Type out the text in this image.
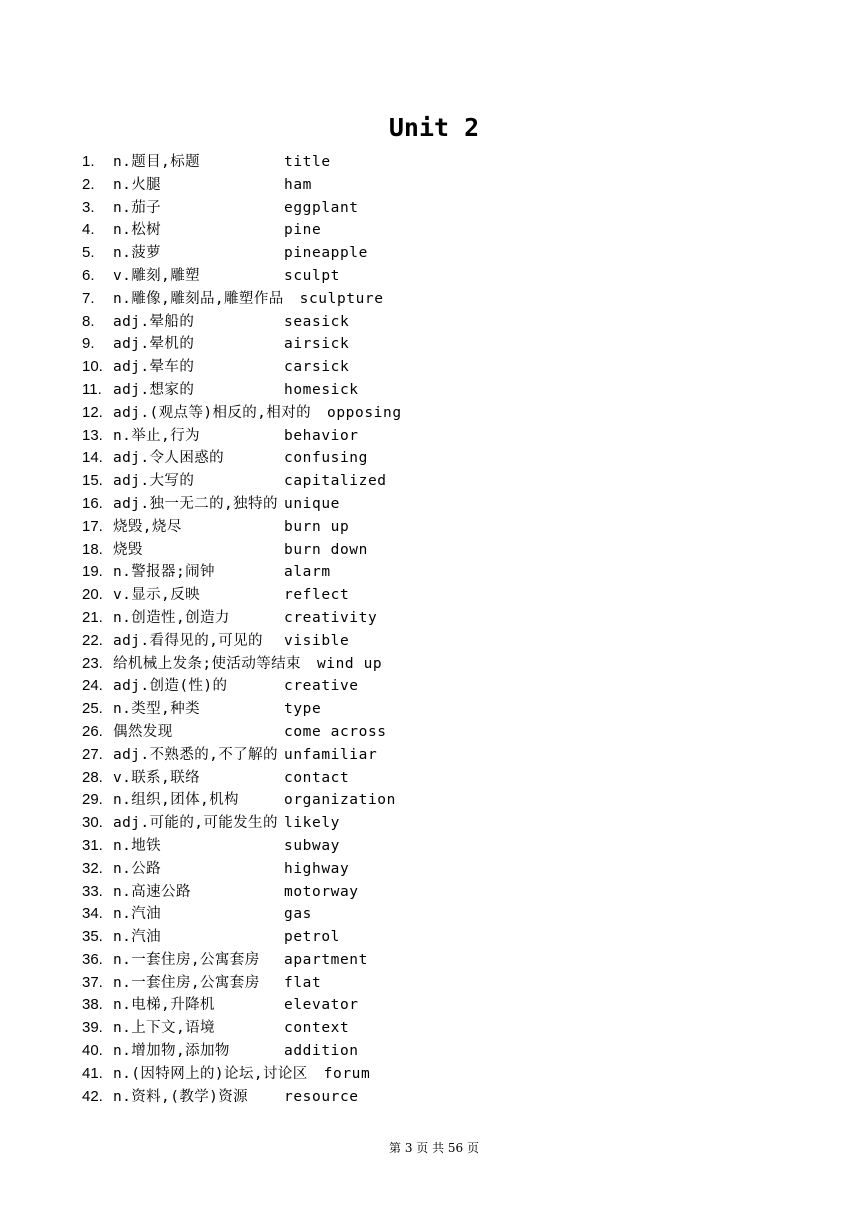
Unit 2
1. n.题目,标题	title
2. n.火腿	ham
3. n.茄子	eggplant
4. n.松树	pine
5. n.菠萝	pineapple
6. v.雕刻,雕塑	sculpt
7. n.雕像,雕刻品,雕塑作品 sculpture
8. adj.晕船的	seasick
9. adj.晕机的	airsick
10. adj.晕车的	carsick
11. adj.想家的	homesick
12. adj.(观点等)相反的,相对的 opposing
13. n.举止,行为	behavior
14. adj.令人困惑的	confusing
15. adj.大写的	capitalized
16. adj.独一无二的,独特的 unique
17. 烧毁,烧尽	burn up
18. 烧毁	burn down
19. n.警报器;闹钟	alarm
20. v.显示,反映	reflect
21. n.创造性,创造力	creativity
22. adj.看得见的,可见的 visible
23. 给机械上发条;使活动等结束 wind up
24. adj.创造(性)的	creative
25. n.类型,种类	type
26. 偶然发现	come across
27. adj.不熟悉的,不了解的 unfamiliar
28. v.联系,联络	contact
29. n.组织,团体,机构	organization
30. adj.可能的,可能发生的 likely
31. n.地铁	subway
32. n.公路	highway
33. n.高速公路	motorway
34. n.汽油	gas
35. n.汽油	petrol
36. n.一套住房,公寓套房 apartment
37. n.一套住房,公寓套房 flat
38. n.电梯,升降机	elevator
39. n.上下文,语境	context
40. n.增加物,添加物	addition
41. n.(因特网上的)论坛,讨论区 forum
42. n.资料,(教学)资源 resource
第 3 页 共 56 页
